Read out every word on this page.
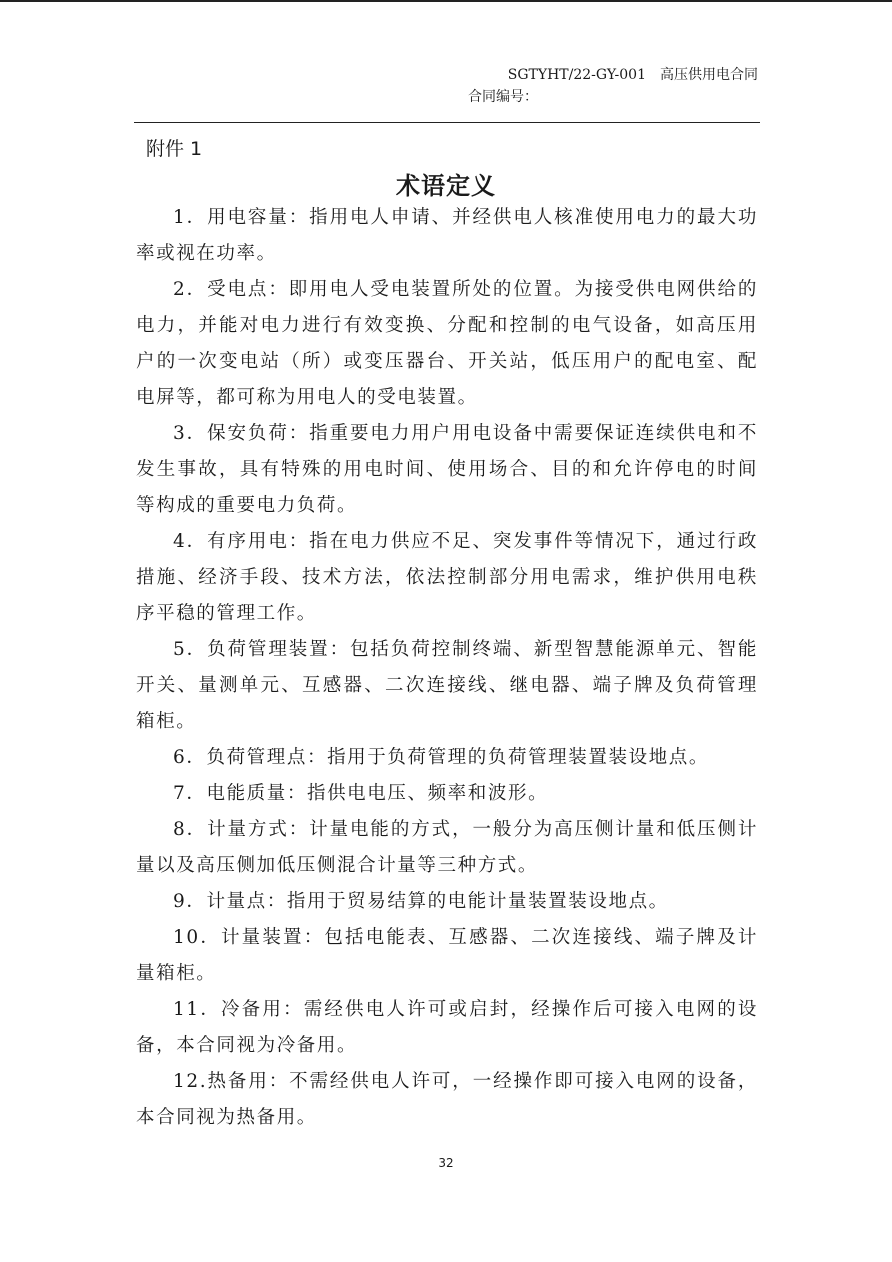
SGTYHT/22-GY-001 高压供用电合同
合同编号：
附件 1
术语定义

1．用电容量：指用电人申请、并经供电人核准使用电力的最大功率或视在功率。

2．受电点：即用电人受电装置所处的位置。为接受供电网供给的电力，并能对电力进行有效变换、分配和控制的电气设备，如高压用户的一次变电站（所）或变压器台、开关站，低压用户的配电室、配电屏等，都可称为用电人的受电装置。

3．保安负荷：指重要电力用户用电设备中需要保证连续供电和不发生事故，具有特殊的用电时间、使用场合、目的和允许停电的时间等构成的重要电力负荷。

4．有序用电：指在电力供应不足、突发事件等情况下，通过行政措施、经济手段、技术方法，依法控制部分用电需求，维护供用电秩序平稳的管理工作。

5．负荷管理装置：包括负荷控制终端、新型智慧能源单元、智能开关、量测单元、互感器、二次连接线、继电器、端子牌及负荷管理箱柜。

6．负荷管理点：指用于负荷管理的负荷管理装置装设地点。

7．电能质量：指供电电压、频率和波形。

8．计量方式：计量电能的方式，一般分为高压侧计量和低压侧计量以及高压侧加低压侧混合计量等三种方式。

9．计量点：指用于贸易结算的电能计量装置装设地点。

10．计量装置：包括电能表、互感器、二次连接线、端子牌及计量箱柜。

11．冷备用：需经供电人许可或启封，经操作后可接入电网的设备，本合同视为冷备用。

12.热备用：不需经供电人许可，一经操作即可接入电网的设备，本合同视为热备用。

32
